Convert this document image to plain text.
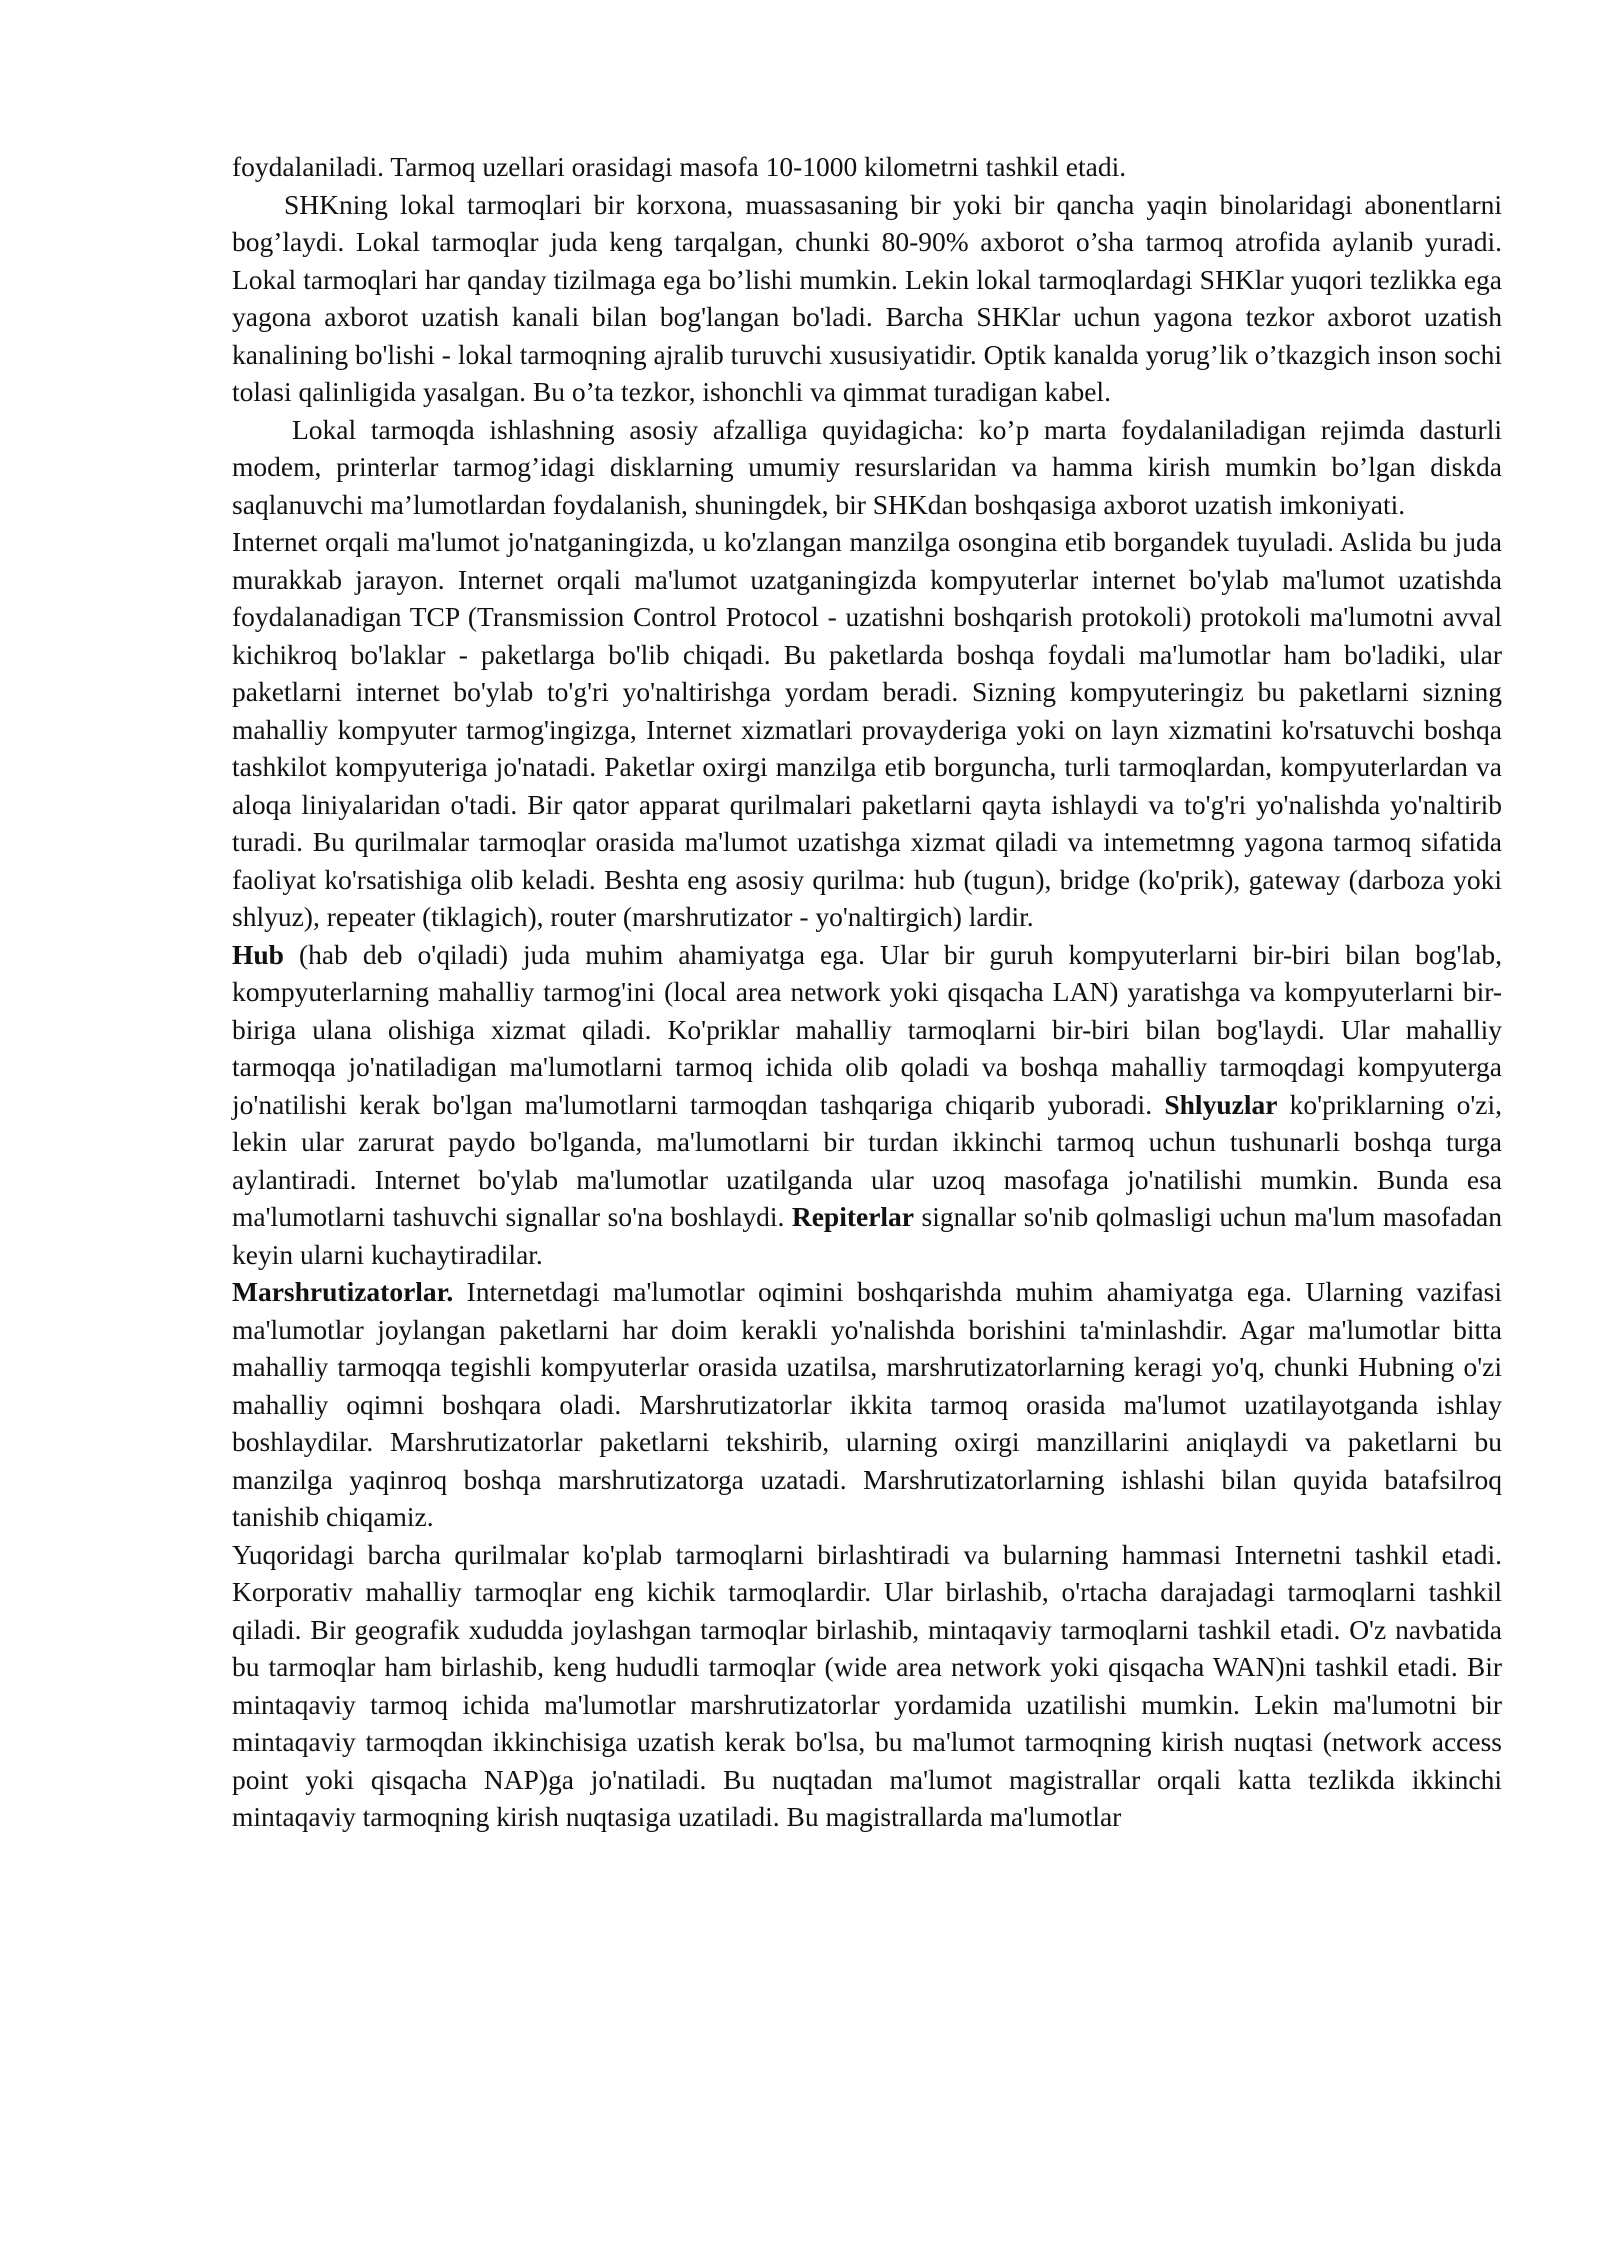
foydalaniladi. Tarmoq uzellari orasidagi masofa 10-1000 kilometrni tashkil etadi.

SHKning lokal tarmoqlari bir korxona, muassasaning bir yoki bir qancha yaqin binolaridagi abonentlarni bog’laydi. Lokal tarmoqlar juda keng tarqalgan, chunki 80-90% axborot o’sha tarmoq atrofida aylanib yuradi. Lokal tarmoqlari har qanday tizilmaga ega bo’lishi mumkin. Lekin lokal tarmoqlardagi SHKlar yuqori tezlikka ega yagona axborot uzatish kanali bilan bog'langan bo'ladi. Barcha SHKlar uchun yagona tezkor axborot uzatish kanalining bo'lishi - lokal tarmoqning ajralib turuvchi xususiyatidir. Optik kanalda yorug’lik o’tkazgich inson sochi tolasi qalinligida yasalgan. Bu o’ta tezkor, ishonchli va qimmat turadigan kabel.

Lokal tarmoqda ishlashning asosiy afzalliga quyidagicha: ko’p marta foydalaniladigan rejimda dasturli modem, printerlar tarmog’idagi disklarning umumiy resurslaridan va hamma kirish mumkin bo’lgan diskda saqlanuvchi ma’lumotlardan foydalanish, shuningdek, bir SHKdan boshqasiga axborot uzatish imkoniyati.

Internet orqali ma'lumot jo'natganingizda, u ko'zlangan manzilga osongina etib borgandek tuyuladi. Aslida bu juda murakkab jarayon. Internet orqali ma'lumot uzatganingizda kompyuterlar internet bo'ylab ma'lumot uzatishda foydalanadigan TCP (Transmission Control Protocol - uzatishni boshqarish protokoli) protokoli ma'lumotni avval kichikroq bo'laklar - paketlarga bo'lib chiqadi. Bu paketlarda boshqa foydali ma'lumotlar ham bo'ladiki, ular paketlarni internet bo'ylab to'g'ri yo'naltirishga yordam beradi. Sizning kompyuteringiz bu paketlarni sizning mahalliy kompyuter tarmog'ingizga, Internet xizmatlari provayderiga yoki on layn xizmatini ko'rsatuvchi boshqa tashkilot kompyuteriga jo'natadi. Paketlar oxirgi manzilga etib borguncha, turli tarmoqlardan, kompyuterlardan va aloqa liniyalaridan o'tadi. Bir qator apparat qurilmalari paketlarni qayta ishlaydi va to'g'ri yo'nalishda yo'naltirib turadi. Bu qurilmalar tarmoqlar orasida ma'lumot uzatishga xizmat qiladi va intemetmng yagona tarmoq sifatida faoliyat ko'rsatishiga olib keladi. Beshta eng asosiy qurilma: hub (tugun), bridge (ko'prik), gateway (darboza yoki shlyuz), repeater (tiklagich), router (marshrutizator - yo'naltirgich) lardir.

Hub (hab deb o'qiladi) juda muhim ahamiyatga ega. Ular bir guruh kompyuterlarni bir-biri bilan bog'lab, kompyuterlarning mahalliy tarmog'ini (local area network yoki qisqacha LAN) yaratishga va kompyuterlarni bir-biriga ulana olishiga xizmat qiladi. Ko'priklar mahalliy tarmoqlarni bir-biri bilan bog'laydi. Ular mahalliy tarmoqqa jo'natiladigan ma'lumotlarni tarmoq ichida olib qoladi va boshqa mahalliy tarmoqdagi kompyuterga jo'natilishi kerak bo'lgan ma'lumotlarni tarmoqdan tashqariga chiqarib yuboradi. Shlyuzlar ko'priklarning o'zi, lekin ular zarurat paydo bo'lganda, ma'lumotlarni bir turdan ikkinchi tarmoq uchun tushunarli boshqa turga aylantiradi. Internet bo'ylab ma'lumotlar uzatilganda ular uzoq masofaga jo'natilishi mumkin. Bunda esa ma'lumotlarni tashuvchi signallar so'na boshlaydi. Repiterlar signallar so'nib qolmasligi uchun ma'lum masofadan keyin ularni kuchaytiradilar.

Marshrutizatorlar. Internetdagi ma'lumotlar oqimini boshqarishda muhim ahamiyatga ega. Ularning vazifasi ma'lumotlar joylangan paketlarni har doim kerakli yo'nalishda borishini ta'minlashdir. Agar ma'lumotlar bitta mahalliy tarmoqqa tegishli kompyuterlar orasida uzatilsa, marshrutizatorlarning keragi yo'q, chunki Hubning o'zi mahalliy oqimni boshqara oladi. Marshrutizatorlar ikkita tarmoq orasida ma'lumot uzatilayotganda ishlay boshlaydilar. Marshrutizatorlar paketlarni tekshirib, ularning oxirgi manzillarini aniqlaydi va paketlarni bu manzilga yaqinroq boshqa marshrutizatorga uzatadi. Marshrutizatorlarning ishlashi bilan quyida batafsilroq tanishib chiqamiz.

Yuqoridagi barcha qurilmalar ko'plab tarmoqlarni birlashtiradi va bularning hammasi Internetni tashkil etadi. Korporativ mahalliy tarmoqlar eng kichik tarmoqlardir. Ular birlashib, o'rtacha darajadagi tarmoqlarni tashkil qiladi. Bir geografik xududda joylashgan tarmoqlar birlashib, mintaqaviy tarmoqlarni tashkil etadi. O'z navbatida bu tarmoqlar ham birlashib, keng hududli tarmoqlar (wide area network yoki qisqacha WAN)ni tashkil etadi. Bir mintaqaviy tarmoq ichida ma'lumotlar marshrutizatorlar yordamida uzatilishi mumkin. Lekin ma'lumotni bir mintaqaviy tarmoqdan ikkinchisiga uzatish kerak bo'lsa, bu ma'lumot tarmoqning kirish nuqtasi (network access point yoki qisqacha NAP)ga jo'natiladi. Bu nuqtadan ma'lumot magistrallar orqali katta tezlikda ikkinchi mintaqaviy tarmoqning kirish nuqtasiga uzatiladi. Bu magistrallarda ma'lumotlar
